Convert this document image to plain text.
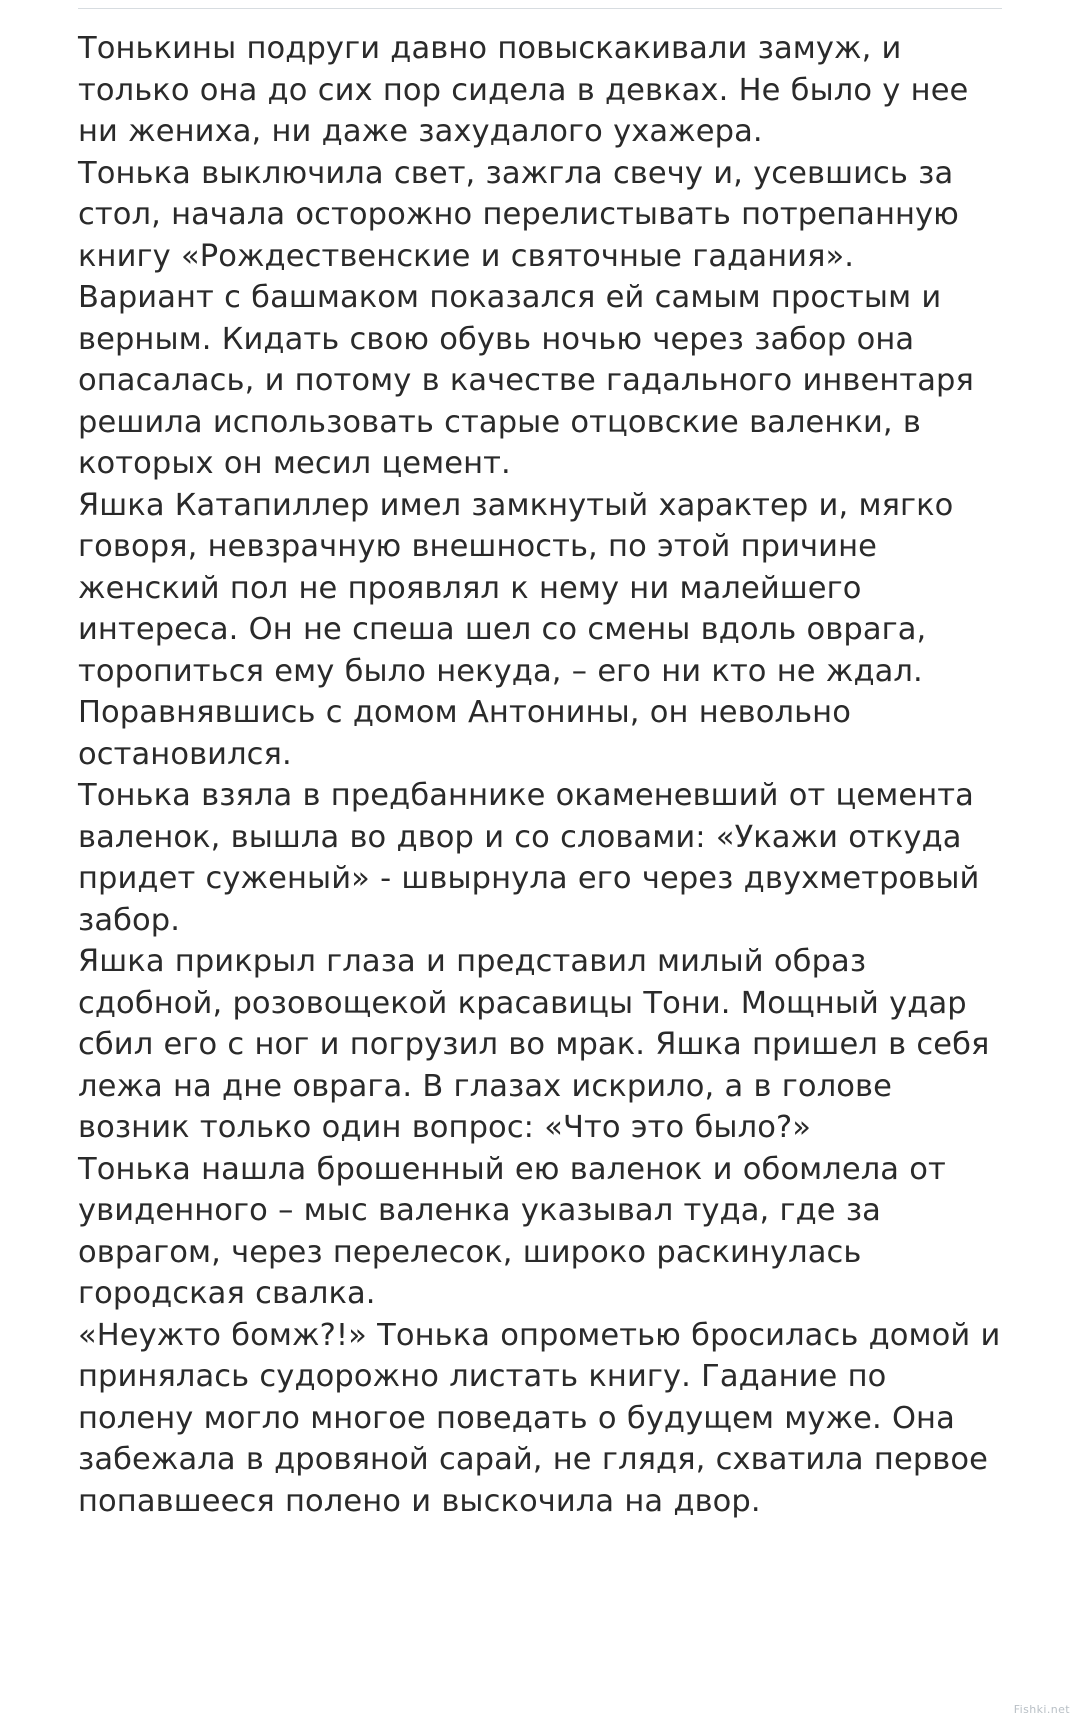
Тонькины подруги давно повыскакивали замуж, и только она до сих пор сидела в девках. Не было у нее ни жениха, ни даже захудалого ухажера.

Тонька выключила свет, зажгла свечу и, усевшись за стол, начала осторожно перелистывать потрепанную книгу «Рождественские и святочные гадания».

Вариант с башмаком показался ей самым простым и верным. Кидать свою обувь ночью через забор она опасалась, и потому в качестве гадального инвентаря решила использовать старые отцовские валенки, в которых он месил цемент.

Яшка Катапиллер имел замкнутый характер и, мягко говоря, невзрачную внешность, по этой причине женский пол не проявлял к нему ни малейшего интереса. Он не спеша шел со смены вдоль оврага, торопиться ему было некуда, – его ни кто не ждал. Поравнявшись с домом Антонины, он невольно остановился.

Тонька взяла в предбаннике окаменевший от цемента валенок, вышла во двор и со словами: «Укажи откуда придет суженый» - швырнула его через двухметровый забор.

Яшка прикрыл глаза и представил милый образ сдобной, розовощекой красавицы Тони. Мощный удар сбил его с ног и погрузил во мрак. Яшка пришел в себя лежа на дне оврага. В глазах искрило, а в голове возник только один вопрос: «Что это было?»

Тонька нашла брошенный ею валенок и обомлела от увиденного – мыс валенка указывал туда, где за оврагом, через перелесок, широко раскинулась городская свалка.

«Неужто бомж?!» Тонька опрометью бросилась домой и принялась судорожно листать книгу. Гадание по полену могло многое поведать о будущем муже. Она забежала в дровяной сарай, не глядя, схватила первое попавшееся полено и выскочила на двор.

Fishki.net
